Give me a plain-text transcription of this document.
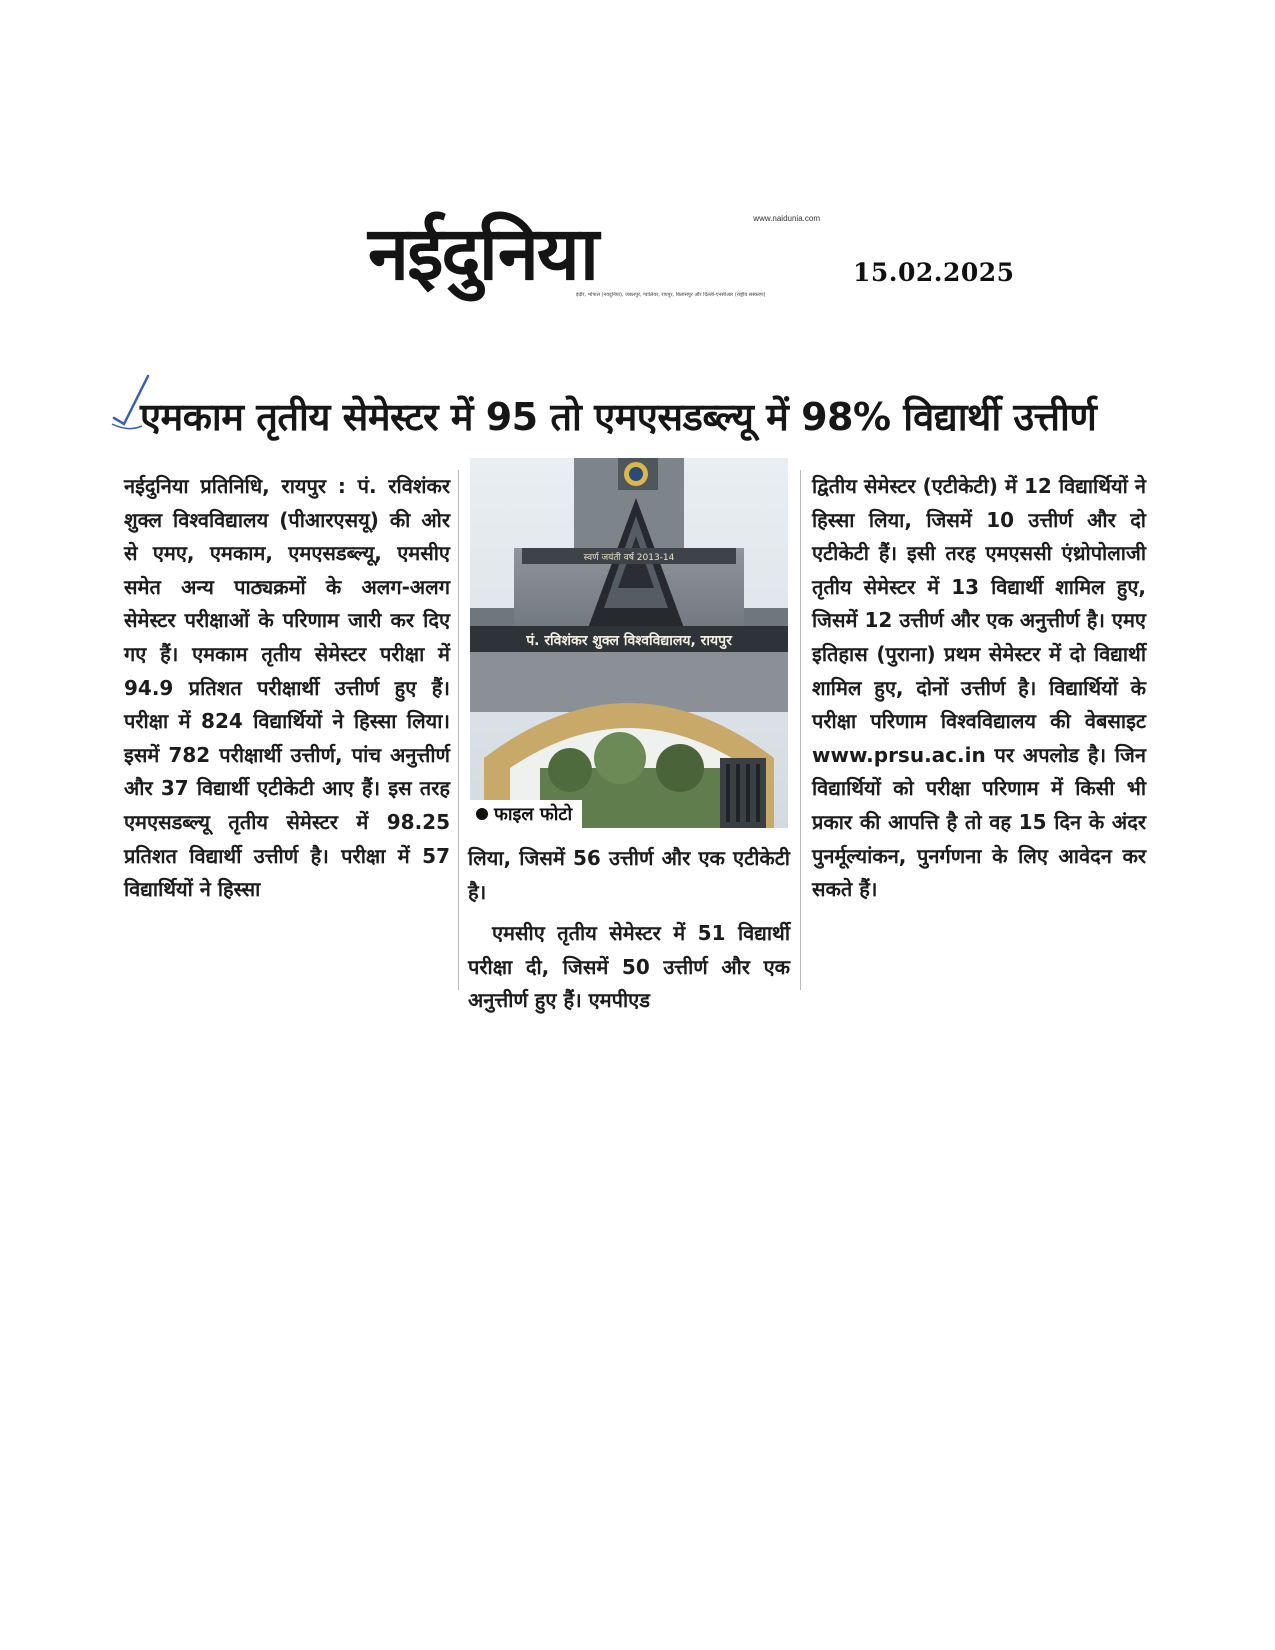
नईदुनिया	www.naidunia.com
इंदौर, भोपाल (नवदुनिया), जबलपुर, ग्वालियर, रायपुर, बिलासपुर और दिल्ली-एनसीआर (राष्ट्रीय संस्करण)
15.02.2025
एमकाम तृतीय सेमेस्टर में 95 तो एमएसडब्ल्यू में 98% विद्यार्थी उत्तीर्ण

नईदुनिया प्रतिनिधि, रायपुर : पं. रविशंकर शुक्ल विश्वविद्यालय (पीआरएसयू) की ओर से एमए, एमकाम, एमएसडब्ल्यू, एमसीए समेत अन्य पाठ्यक्रमों के अलग-अलग सेमेस्टर परीक्षाओं के परिणाम जारी कर दिए गए हैं। एमकाम तृतीय सेमेस्टर परीक्षा में 94.9 प्रतिशत परीक्षार्थी उत्तीर्ण हुए हैं। परीक्षा में 824 विद्यार्थियों ने हिस्सा लिया। इसमें 782 परीक्षार्थी उत्तीर्ण, पांच अनुत्तीर्ण और 37 विद्यार्थी एटीकेटी आए हैं। इस तरह एमएसडब्ल्यू तृतीय सेमेस्टर में 98.25 प्रतिशत विद्यार्थी उत्तीर्ण है। परीक्षा में 57 विद्यार्थियों ने हिस्सा

स्वर्ण जयंती वर्ष 2013-14
पं. रविशंकर शुक्ल विश्वविद्यालय, रायपुर
फाइल फोटो

लिया, जिसमें 56 उत्तीर्ण और एक एटीकेटी है।

एमसीए तृतीय सेमेस्टर में 51 विद्यार्थी परीक्षा दी, जिसमें 50 उत्तीर्ण और एक अनुत्तीर्ण हुए हैं। एमपीएड

द्वितीय सेमेस्टर (एटीकेटी) में 12 विद्यार्थियों ने हिस्सा लिया, जिसमें 10 उत्तीर्ण और दो एटीकेटी हैं। इसी तरह एमएससी एंथ्रोपोलाजी तृतीय सेमेस्टर में 13 विद्यार्थी शामिल हुए, जिसमें 12 उत्तीर्ण और एक अनुत्तीर्ण है। एमए इतिहास (पुराना) प्रथम सेमेस्टर में दो विद्यार्थी शामिल हुए, दोनों उत्तीर्ण है। विद्यार्थियों के परीक्षा परिणाम विश्वविद्यालय की वेबसाइट www.prsu.ac.in पर अपलोड है। जिन विद्यार्थियों को परीक्षा परिणाम में किसी भी प्रकार की आपत्ति है तो वह 15 दिन के अंदर पुनर्मूल्यांकन, पुनर्गणना के लिए आवेदन कर सकते हैं।
